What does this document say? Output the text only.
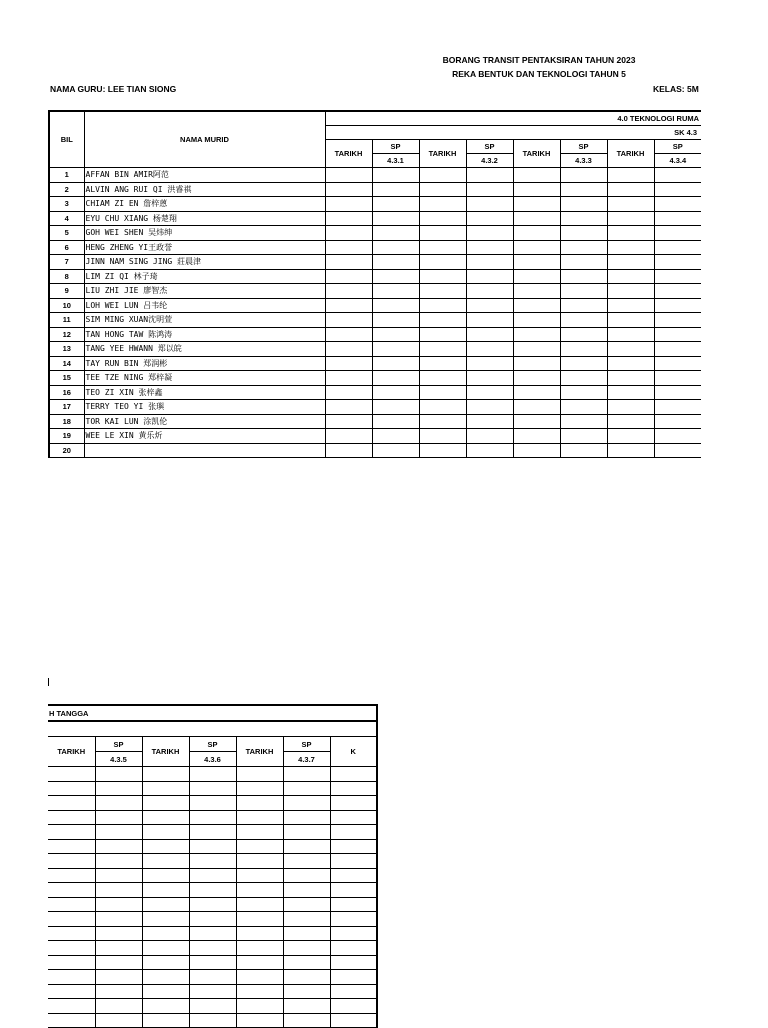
BORANG TRANSIT PENTAKSIRAN TAHUN 2023
REKA BENTUK DAN TEKNOLOGI TAHUN 5
NAMA GURU: LEE TIAN SIONG	KELAS: 5M
BIL	NAMA MURID	4.0 TEKNOLOGI RUMA							
		SK 4.3							
		TARIKH	SP	TARIKH	SP	TARIKH	SP	TARIKH	SP
			4.3.1		4.3.2		4.3.3		4.3.4
1	AFFAN BIN AMIR阿范								
2	ALVIN ANG RUI QI 洪睿祺								
3	CHIAM ZI EN 詹梓蒽								
4	EYU CHU XIANG 杨楚翔								
5	GOH WEI SHEN 吴炜绅								
6	HENG ZHENG YI王政誉								
7	JINN NAM SING JING 莊晨津								
8	LIM ZI QI 林子琦								
9	LIU ZHI JIE 廖智杰								
10	LOH WEI LUN 吕韦纶								
11	SIM MING XUAN沈明萱								
12	TAN HONG TAW 陈鸿涛								
13	TANG YEE HWANN 郑以皖								
14	TAY RUN BIN 郑润彬								
15	TEE TZE NING 郑梓凝								
16	TEO ZI XIN 张梓鑫								
17	TERRY TEO YI 张璵								
18	TOR KAI LUN 涂凯伦								
19	WEE LE XIN 黄乐炘								
20									
H TANGGA						

TARIKH	SP	TARIKH	SP	TARIKH	SP	K
	4.3.5		4.3.6		4.3.7	
